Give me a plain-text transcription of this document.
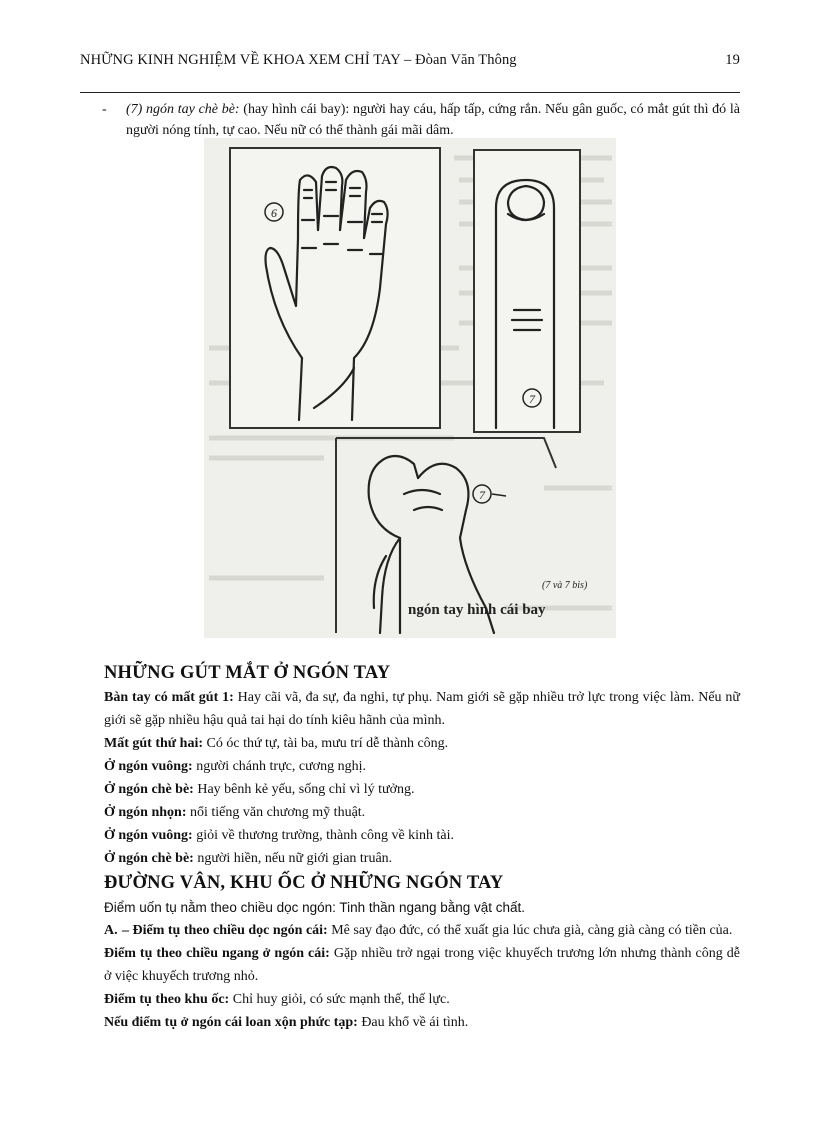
NHỮNG KINH NGHIỆM VỀ KHOA XEM CHỈ TAY – Đòan Văn Thông	19
- (7) ngón tay chè bè: (hay hình cái bay): người hay cáu, hấp tấp, cứng rắn. Nếu gân guốc, có mắt gút thì đó là người nóng tính, tự cao. Nếu nữ có thể thành gái mãi dâm.
6
7
7
(7 và 7 bis)
ngón tay hình cái bay
NHỮNG GÚT MẮT Ở NGÓN TAY

Bàn tay có mất gút 1: Hay cãi vã, đa sự, đa nghi, tự phụ. Nam giới sẽ gặp nhiều trở lực trong việc làm. Nếu nữ giới sẽ gặp nhiều hậu quả tai hại do tính kiêu hãnh của mình.

Mất gút thứ hai: Có óc thứ tự, tài ba, mưu trí dễ thành công.

Ở ngón vuông: người chánh trực, cương nghị.

Ở ngón chè bè: Hay bênh kẻ yếu, sống chỉ vì lý tưởng.

Ở ngón nhọn: nổi tiếng văn chương mỹ thuật.

Ở ngón vuông: giỏi về thương trường, thành công về kinh tài.

Ở ngón chè bè: người hiền, nếu nữ giới gian truân.

ĐƯỜNG VÂN, KHU ỐC Ở NHỮNG NGÓN TAY

Điểm uốn tụ nằm theo chiều dọc ngón: Tinh thần ngang bằng vật chất.

A. – Điểm tụ theo chiều dọc ngón cái: Mê say đạo đức, có thể xuất gia lúc chưa già, càng già càng có tiền của.

Điểm tụ theo chiều ngang ở ngón cái: Gặp nhiều trở ngại trong việc khuyếch trương lớn nhưng thành công dễ ở việc khuyếch trương nhỏ.

Điểm tụ theo khu ốc: Chỉ huy giỏi, có sức mạnh thế, thế lực.

Nếu điểm tụ ở ngón cái loan xộn phức tạp: Đau khổ về ái tình.
